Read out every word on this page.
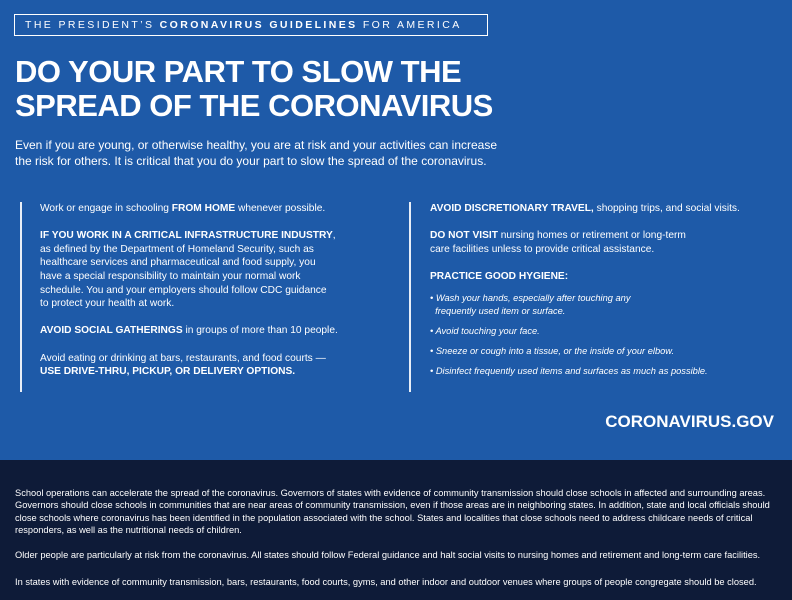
THE PRESIDENT’S CORONAVIRUS GUIDELINES FOR AMERICA
DO YOUR PART TO SLOW THE
SPREAD OF THE CORONAVIRUS

Even if you are young, or otherwise healthy, you are at risk and your activities can increase
the risk for others. It is critical that you do your part to slow the spread of the coronavirus.

Work or engage in schooling FROM HOME whenever possible.

IF YOU WORK IN A CRITICAL INFRASTRUCTURE INDUSTRY,
as defined by the Department of Homeland Security, such as
healthcare services and pharmaceutical and food supply, you
have a special responsibility to maintain your normal work
schedule. You and your employers should follow CDC guidance
to protect your health at work.

AVOID SOCIAL GATHERINGS in groups of more than 10 people.

Avoid eating or drinking at bars, restaurants, and food courts —
USE DRIVE-THRU, PICKUP, OR DELIVERY OPTIONS.

AVOID DISCRETIONARY TRAVEL, shopping trips, and social visits.

DO NOT VISIT nursing homes or retirement or long-term
care facilities unless to provide critical assistance.

PRACTICE GOOD HYGIENE:

• Wash your hands, especially after touching any
frequently used item or surface.
• Avoid touching your face.
• Sneeze or cough into a tissue, or the inside of your elbow.
• Disinfect frequently used items and surfaces as much as possible.
CORONAVIRUS.GOV

School operations can accelerate the spread of the coronavirus. Governors of states with evidence of community transmission should close schools in affected and surrounding areas.
Governors should close schools in communities that are near areas of community transmission, even if those areas are in neighboring states. In addition, state and local officials should
close schools where coronavirus has been identified in the population associated with the school. States and localities that close schools need to address childcare needs of critical
responders, as well as the nutritional needs of children.

Older people are particularly at risk from the coronavirus. All states should follow Federal guidance and halt social visits to nursing homes and retirement and long-term care facilities.

In states with evidence of community transmission, bars, restaurants, food courts, gyms, and other indoor and outdoor venues where groups of people congregate should be closed.
